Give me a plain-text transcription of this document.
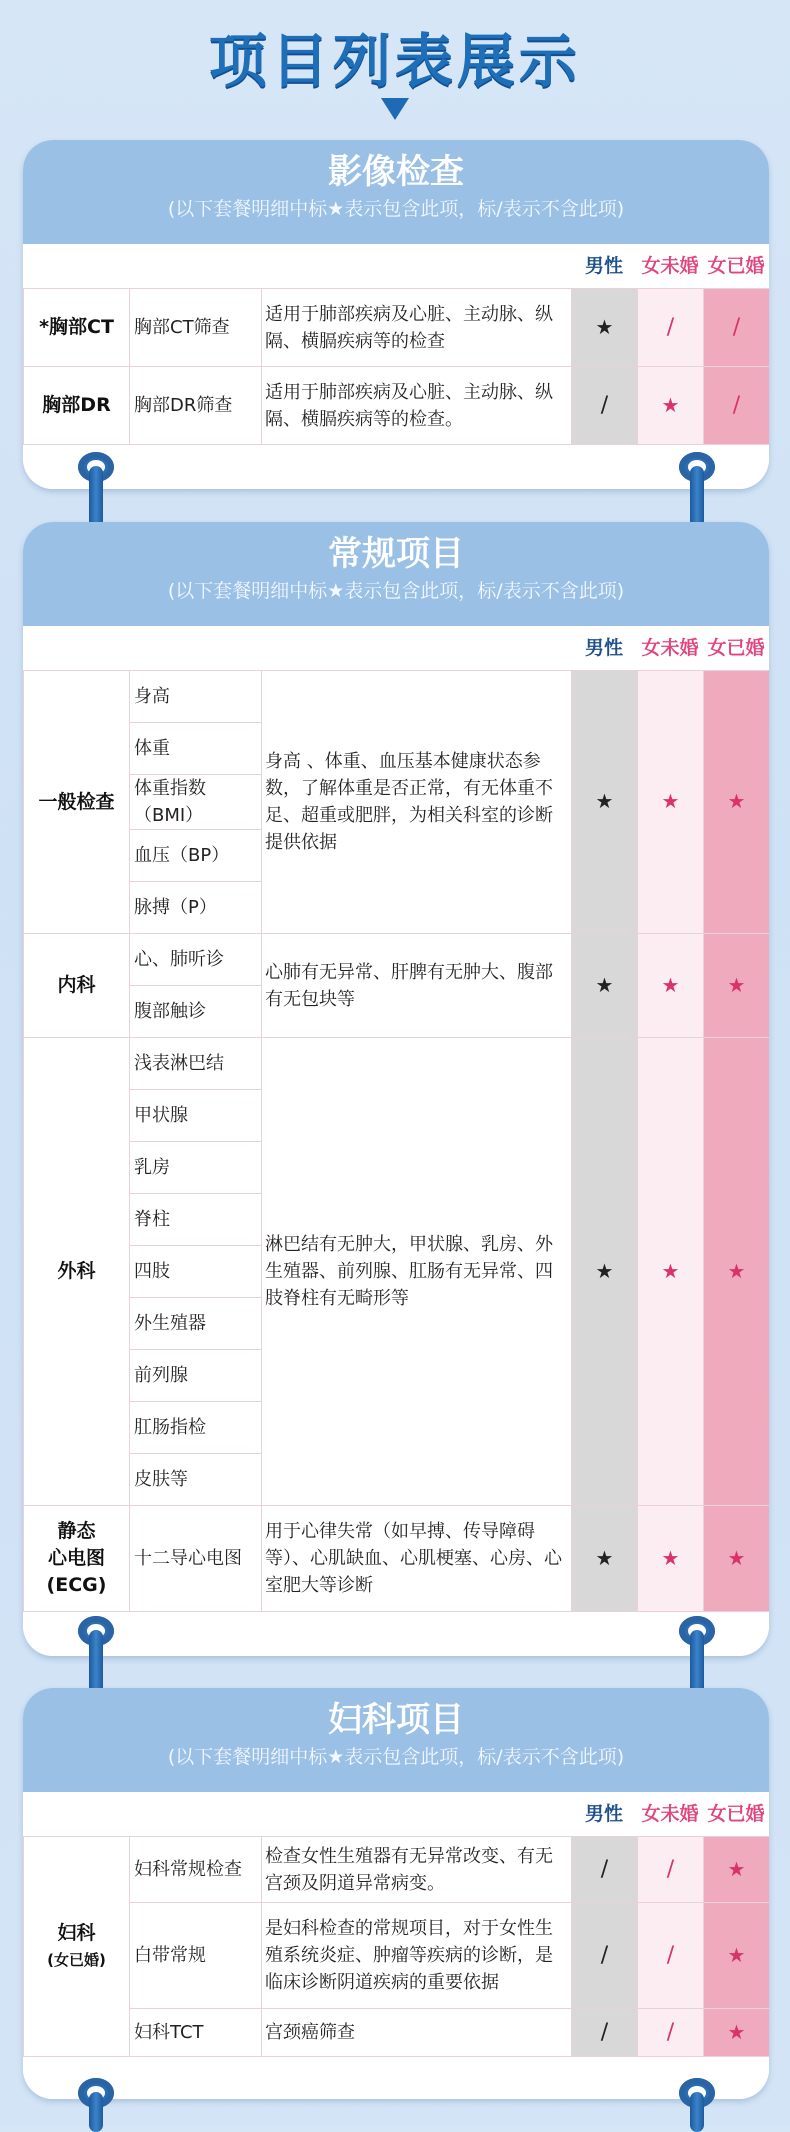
项目列表展示
影像检查
(以下套餐明细中标★表示包含此项，标/表示不含此项)
男性 女未婚 女已婚
*胸部CT	胸部CT筛查	适用于肺部疾病及心脏、主动脉、纵隔、横膈疾病等的检查	★	/	/
胸部DR	胸部DR筛查	适用于肺部疾病及心脏、主动脉、纵隔、横膈疾病等的检查。	/	★	/
常规项目
(以下套餐明细中标★表示包含此项，标/表示不含此项)
男性 女未婚 女已婚
一般检查	身高	身高 、体重、血压基本健康状态参数，了解体重是否正常，有无体重不足、超重或肥胖，为相关科室的诊断提供依据	★	★	★
	体重				
	体重指数（BMI）				
	血压（BP）				
	脉搏（P）				
内科	心、肺听诊	心肺有无异常、肝脾有无肿大、腹部有无包块等	★	★	★
	腹部触诊				
外科	浅表淋巴结	淋巴结有无肿大，甲状腺、乳房、外生殖器、前列腺、肛肠有无异常、四肢脊柱有无畸形等	★	★	★
	甲状腺				
	乳房				
	脊柱				
	四肢				
	外生殖器				
	前列腺				
	肛肠指检				
	皮肤等				

静态
心电图
(ECG)	十二导心电图	用于心律失常（如早搏、传导障碍等）、心肌缺血、心肌梗塞、心房、心室肥大等诊断	★	★	★
妇科项目
(以下套餐明细中标★表示包含此项，标/表示不含此项)
男性 女未婚 女已婚
妇科
(女已婚)	妇科常规检查	检查女性生殖器有无异常改变、有无宫颈及阴道异常病变。	/	/	★
	白带常规	是妇科检查的常规项目，对于女性生殖系统炎症、肿瘤等疾病的诊断，是临床诊断阴道疾病的重要依据	/	/	★
	妇科TCT	宫颈癌筛查	/	/	★
